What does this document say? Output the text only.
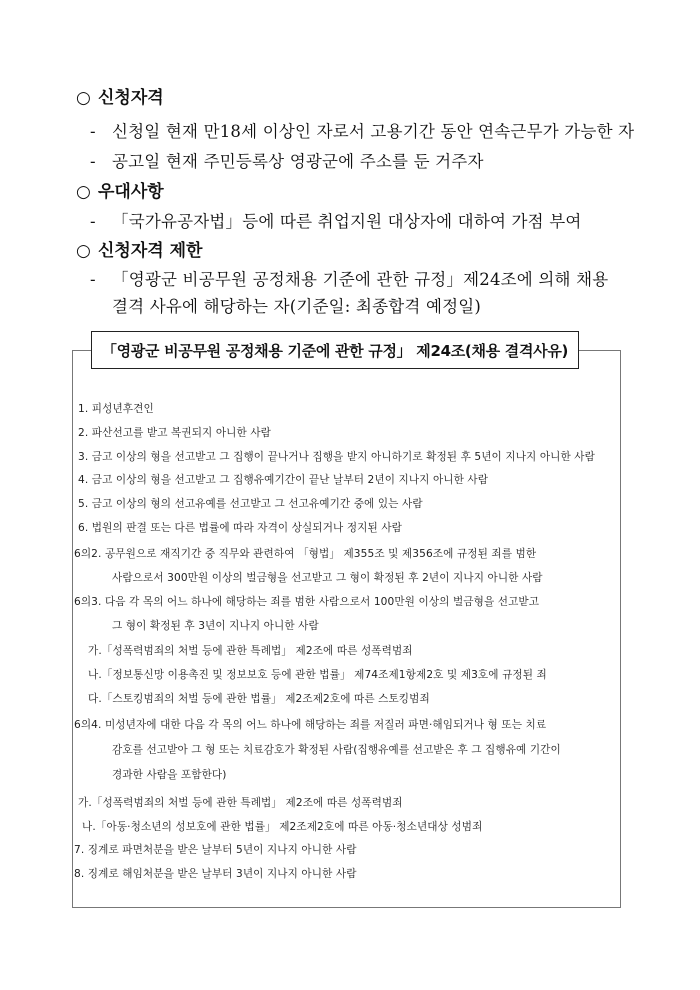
○ 신청자격
- 신청일 현재 만18세 이상인 자로서 고용기간 동안 연속근무가 가능한 자
- 공고일 현재 주민등록상 영광군에 주소를 둔 거주자
○ 우대사항
- 「국가유공자법」등에 따른 취업지원 대상자에 대하여 가점 부여
○ 신청자격 제한
- 「영광군 비공무원 공정채용 기준에 관한 규정」제24조에 의해 채용
결격 사유에 해당하는 자(기준일: 최종합격 예정일)
「영광군 비공무원 공정채용 기준에 관한 규정」 제24조(채용 결격사유)
1. 피성년후견인
2. 파산선고를 받고 복권되지 아니한 사람
3. 금고 이상의 형을 선고받고 그 집행이 끝나거나 집행을 받지 아니하기로 확정된 후 5년이 지나지 아니한 사람
4. 금고 이상의 형을 선고받고 그 집행유예기간이 끝난 날부터 2년이 지나지 아니한 사람
5. 금고 이상의 형의 선고유예를 선고받고 그 선고유예기간 중에 있는 사람
6. 법원의 판결 또는 다른 법률에 따라 자격이 상실되거나 정지된 사람
6의2. 공무원으로 재직기간 중 직무와 관련하여 「형법」 제355조 및 제356조에 규정된 죄를 범한
사람으로서 300만원 이상의 벌금형을 선고받고 그 형이 확정된 후 2년이 지나지 아니한 사람
6의3. 다음 각 목의 어느 하나에 해당하는 죄를 범한 사람으로서 100만원 이상의 벌금형을 선고받고
그 형이 확정된 후 3년이 지나지 아니한 사람
가.「성폭력범죄의 처벌 등에 관한 특례법」 제2조에 따른 성폭력범죄
나.「정보통신망 이용촉진 및 정보보호 등에 관한 법률」 제74조제1항제2호 및 제3호에 규정된 죄
다.「스토킹범죄의 처벌 등에 관한 법률」 제2조제2호에 따른 스토킹범죄
6의4. 미성년자에 대한 다음 각 목의 어느 하나에 해당하는 죄를 저질러 파면·해임되거나 형 또는 치료
감호를 선고받아 그 형 또는 치료감호가 확정된 사람(집행유예를 선고받은 후 그 집행유예 기간이
경과한 사람을 포함한다)
가.「성폭력범죄의 처벌 등에 관한 특례법」 제2조에 따른 성폭력범죄
나.「아동·청소년의 성보호에 관한 법률」 제2조제2호에 따른 아동·청소년대상 성범죄
7. 징계로 파면처분을 받은 날부터 5년이 지나지 아니한 사람
8. 징계로 해임처분을 받은 날부터 3년이 지나지 아니한 사람
